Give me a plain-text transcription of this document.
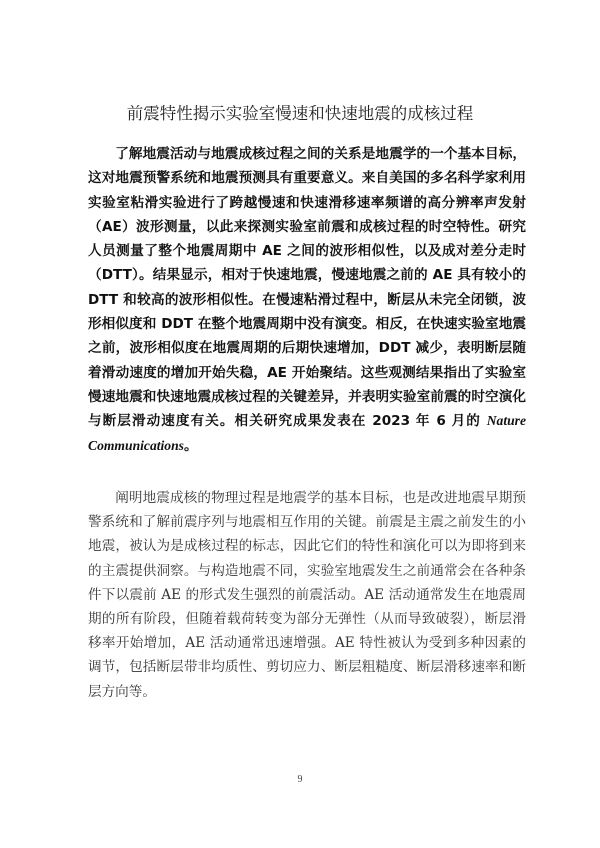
前震特性揭示实验室慢速和快速地震的成核过程

了解地震活动与地震成核过程之间的关系是地震学的一个基本目标，这对地震预警系统和地震预测具有重要意义。来自美国的多名科学家利用实验室粘滑实验进行了跨越慢速和快速滑移速率频谱的高分辨率声发射（AE）波形测量，以此来探测实验室前震和成核过程的时空特性。研究人员测量了整个地震周期中 AE 之间的波形相似性，以及成对差分走时（DTT）。结果显示，相对于快速地震，慢速地震之前的 AE 具有较小的 DTT 和较高的波形相似性。在慢速粘滑过程中，断层从未完全闭锁，波形相似度和 DDT 在整个地震周期中没有演变。相反，在快速实验室地震之前，波形相似度在地震周期的后期快速增加，DDT 减少，表明断层随着滑动速度的增加开始失稳，AE 开始聚结。这些观测结果指出了实验室慢速地震和快速地震成核过程的关键差异，并表明实验室前震的时空演化与断层滑动速度有关。相关研究成果发表在 2023 年 6 月的 Nature Communications。

阐明地震成核的物理过程是地震学的基本目标，也是改进地震早期预警系统和了解前震序列与地震相互作用的关键。前震是主震之前发生的小地震，被认为是成核过程的标志，因此它们的特性和演化可以为即将到来的主震提供洞察。与构造地震不同，实验室地震发生之前通常会在各种条件下以震前 AE 的形式发生强烈的前震活动。AE 活动通常发生在地震周期的所有阶段，但随着载荷转变为部分无弹性（从而导致破裂），断层滑移率开始增加，AE 活动通常迅速增强。AE 特性被认为受到多种因素的调节，包括断层带非均质性、剪切应力、断层粗糙度、断层滑移速率和断层方向等。

9
